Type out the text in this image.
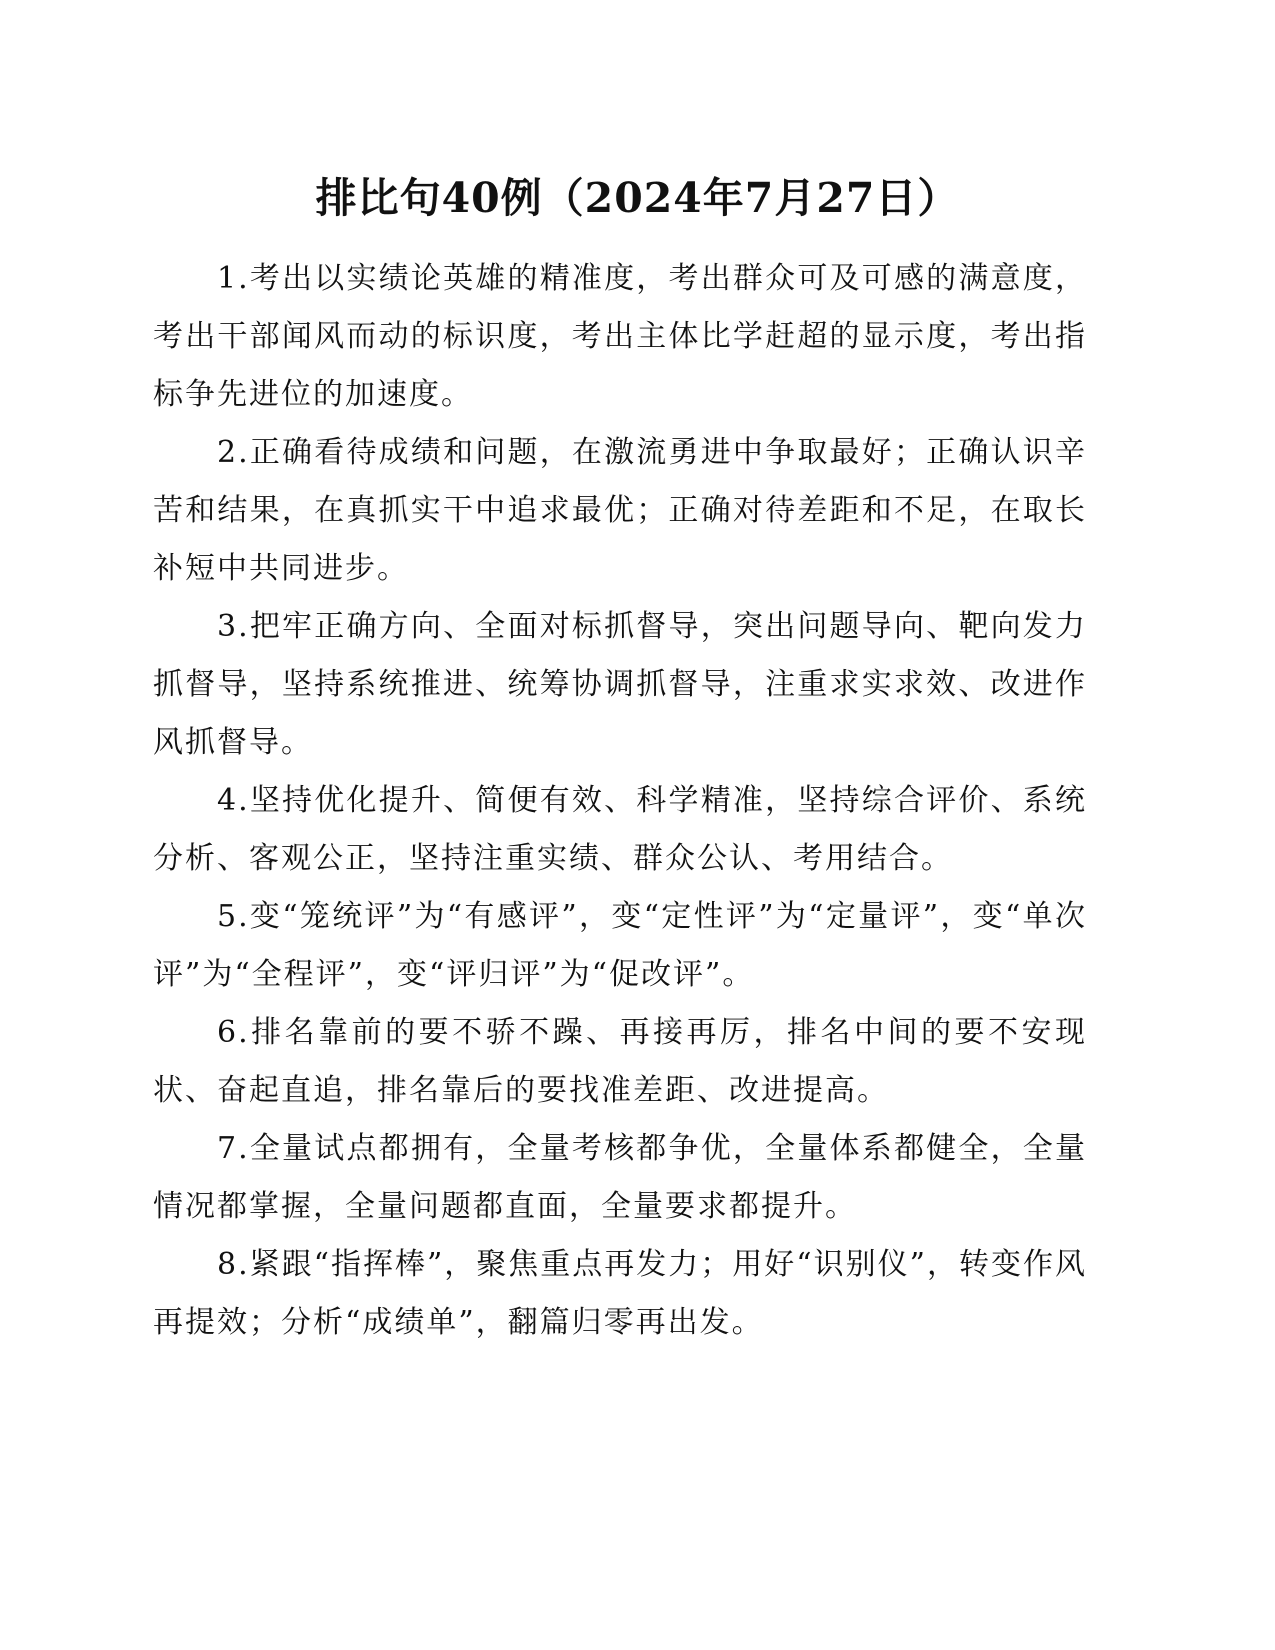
排比句40例（2024年7月27日）

1.考出以实绩论英雄的精准度，考出群众可及可感的满意度，考出干部闻风而动的标识度，考出主体比学赶超的显示度，考出指标争先进位的加速度。

2.正确看待成绩和问题，在激流勇进中争取最好；正确认识辛苦和结果，在真抓实干中追求最优；正确对待差距和不足，在取长补短中共同进步。

3.把牢正确方向、全面对标抓督导，突出问题导向、靶向发力抓督导，坚持系统推进、统筹协调抓督导，注重求实求效、改进作风抓督导。

4.坚持优化提升、简便有效、科学精准，坚持综合评价、系统分析、客观公正，坚持注重实绩、群众公认、考用结合。

5.变“笼统评”为“有感评”，变“定性评”为“定量评”，变“单次评”为“全程评”，变“评归评”为“促改评”。

6.排名靠前的要不骄不躁、再接再厉，排名中间的要不安现状、奋起直追，排名靠后的要找准差距、改进提高。

7.全量试点都拥有，全量考核都争优，全量体系都健全，全量情况都掌握，全量问题都直面，全量要求都提升。

8.紧跟“指挥棒”，聚焦重点再发力；用好“识别仪”，转变作风再提效；分析“成绩单”，翻篇归零再出发。
